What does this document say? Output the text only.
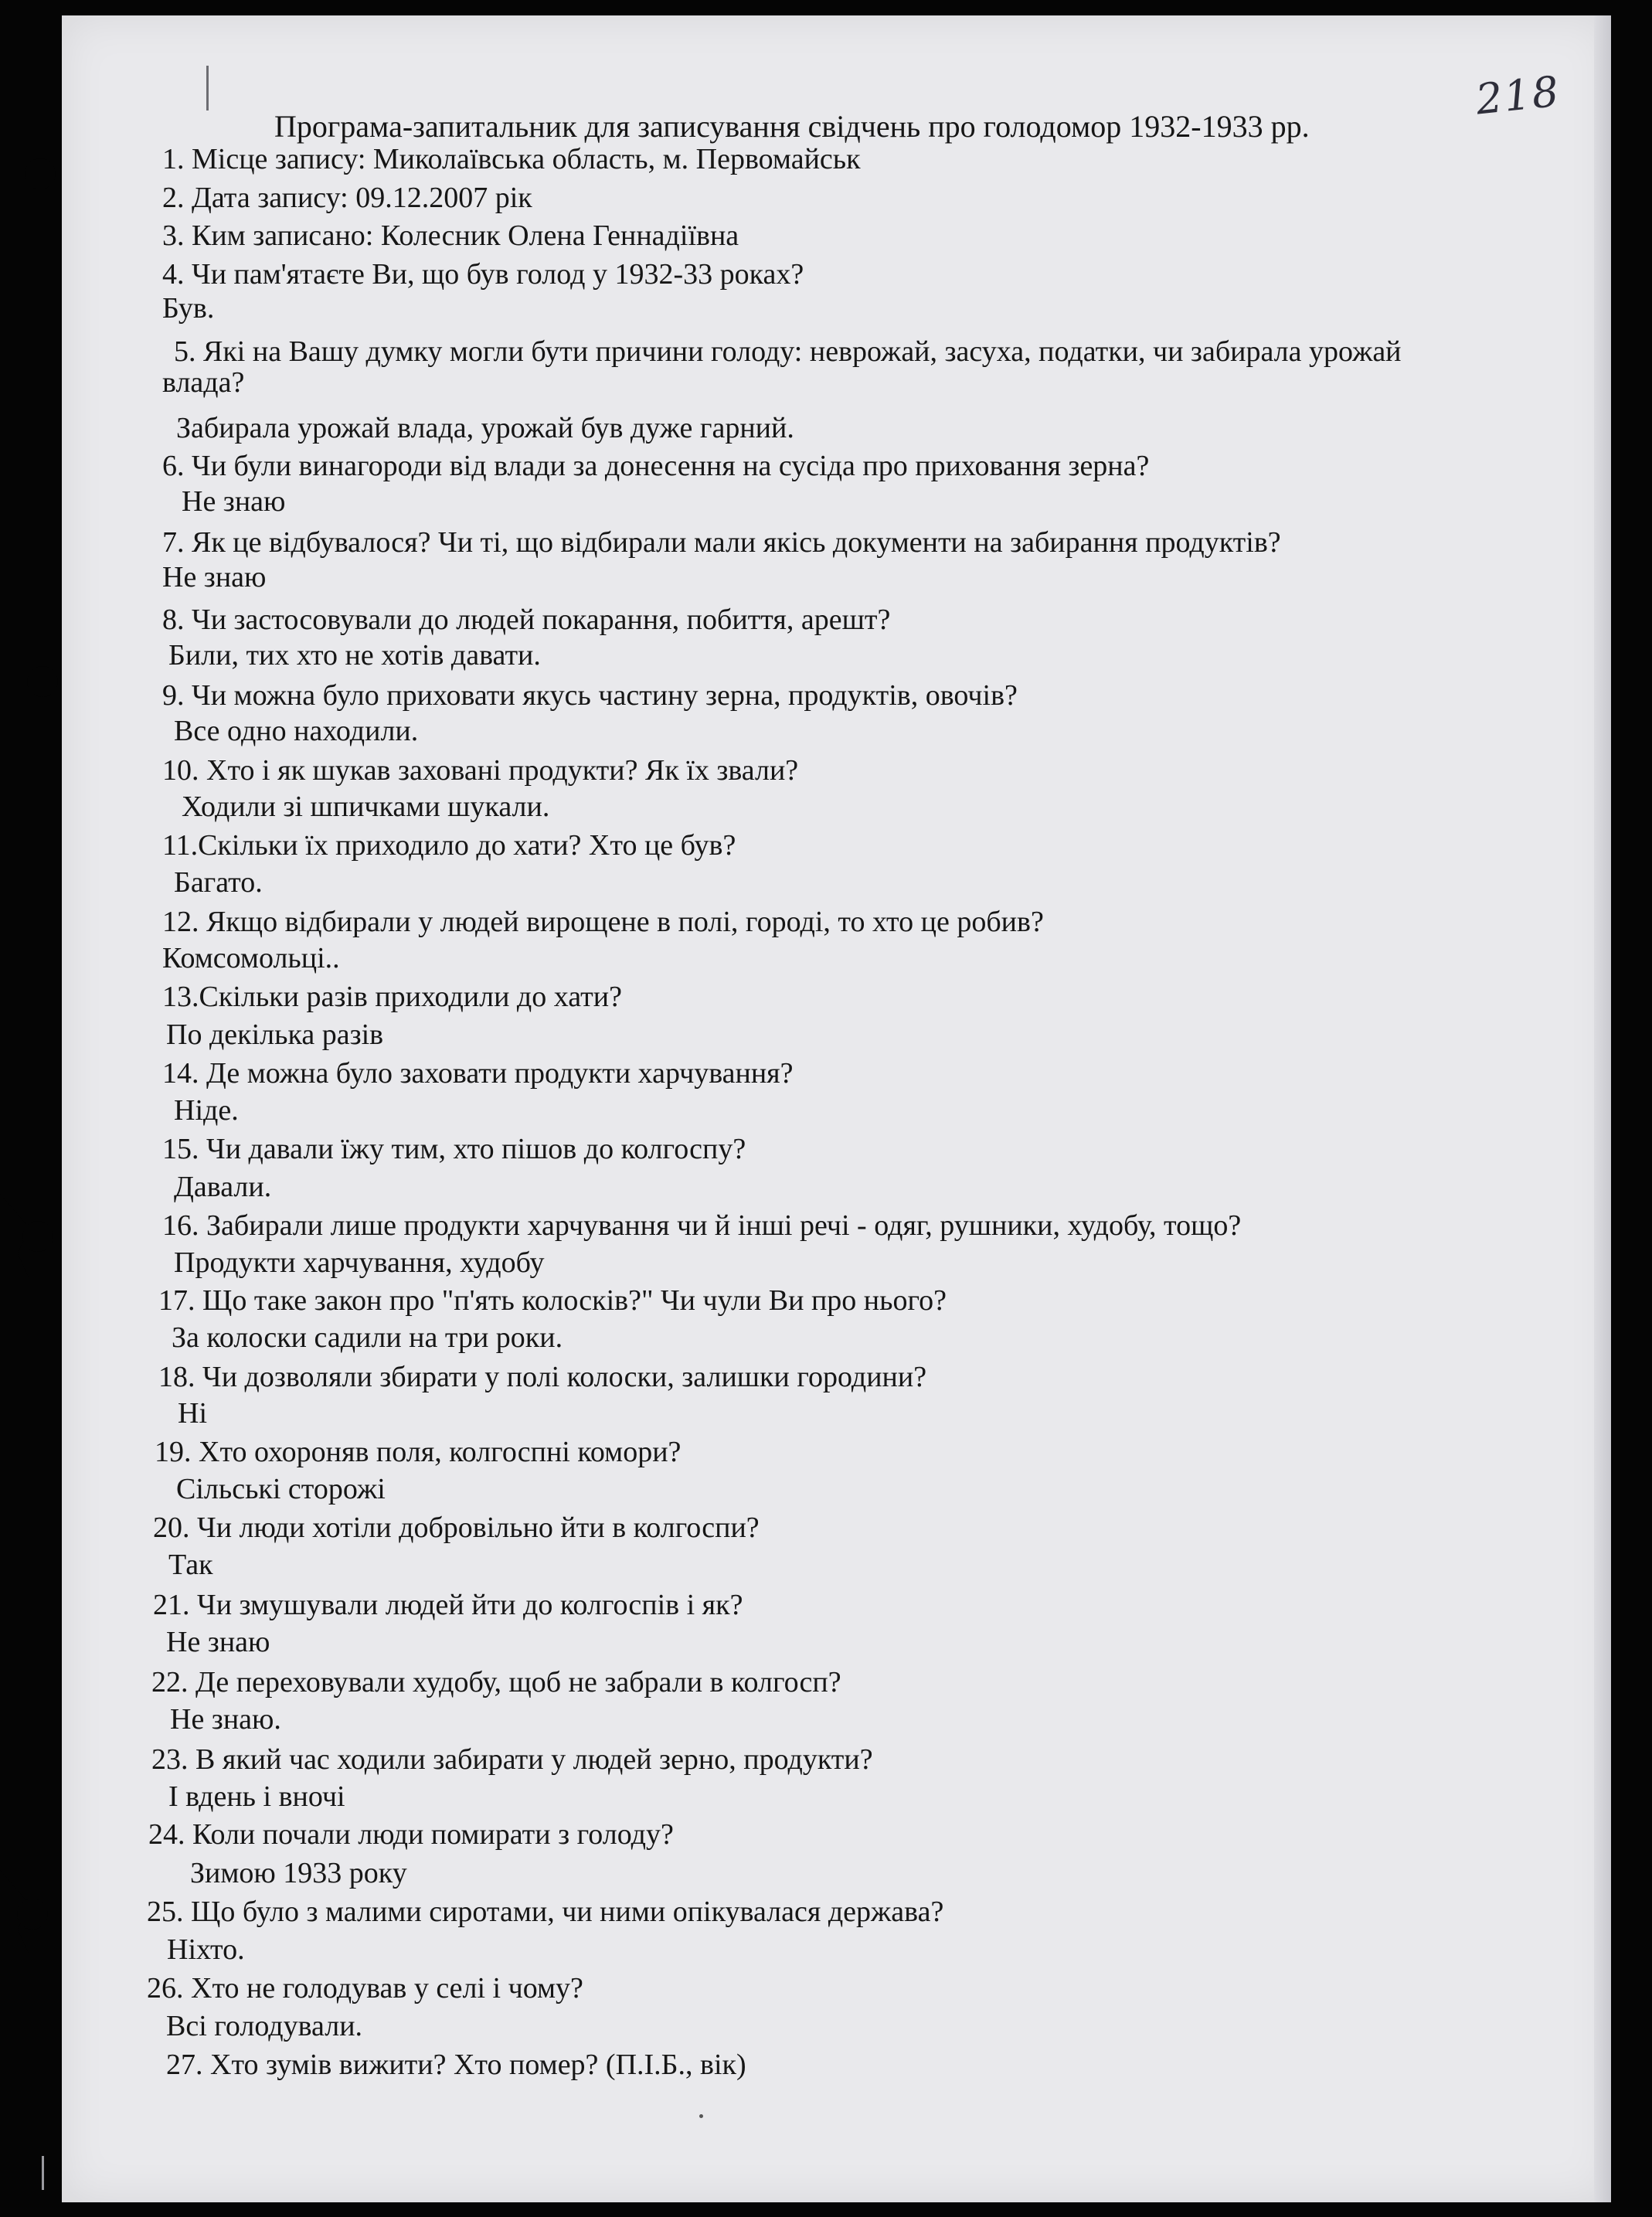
218
Програма-запитальник для записування свідчень про голодомор 1932-1933 рр.
1. Місце запису: Миколаївська область, м. Первомайськ
2. Дата запису: 09.12.2007 рік
3. Ким записано: Колесник Олена Геннадіївна
4. Чи пам'ятаєте Ви, що був голод у 1932-33 роках?
Був.
5. Які на Вашу думку могли бути причини голоду: неврожай, засуха, податки, чи забирала урожай
влада?
Забирала урожай влада, урожай був дуже гарний.
6. Чи були винагороди від влади за донесення на сусіда про приховання зерна?
Не знаю
7. Як це відбувалося? Чи ті, що відбирали мали якісь документи на забирання продуктів?
Не знаю
8. Чи застосовували до людей покарання, побиття, арешт?
Били, тих хто не хотів давати.
9. Чи можна було приховати якусь частину зерна, продуктів, овочів?
Все одно находили.
10. Хто і як шукав заховані продукти? Як їх звали?
Ходили зі шпичками шукали.
11.Скільки їх приходило до хати? Хто це був?
Багато.
12. Якщо відбирали у людей вирощене в полі, городі, то хто це робив?
Комсомольці..
13.Скільки разів приходили до хати?
По декілька разів
14. Де можна було заховати продукти харчування?
Ніде.
15. Чи давали їжу тим, хто пішов до колгоспу?
Давали.
16. Забирали лише продукти харчування чи й інші речі - одяг, рушники, худобу, тощо?
Продукти харчування, худобу
17. Що таке закон про "п'ять колосків?" Чи чули Ви про нього?
За колоски садили на три роки.
18. Чи дозволяли збирати у полі колоски, залишки городини?
Ні
19. Хто охороняв поля, колгоспні комори?
Сільські сторожі
20. Чи люди хотіли добровільно йти в колгоспи?
Так
21. Чи змушували людей йти до колгоспів і як?
Не знаю
22. Де переховували худобу, щоб не забрали в колгосп?
Не знаю.
23. В який час ходили забирати у людей зерно, продукти?
І вдень і вночі
24. Коли почали люди помирати з голоду?
Зимою 1933 року
25. Що було з малими сиротами, чи ними опікувалася держава?
Ніхто.
26. Хто не голодував у селі і чому?
Всі голодували.
27. Хто зумів вижити? Хто помер? (П.І.Б., вік)
